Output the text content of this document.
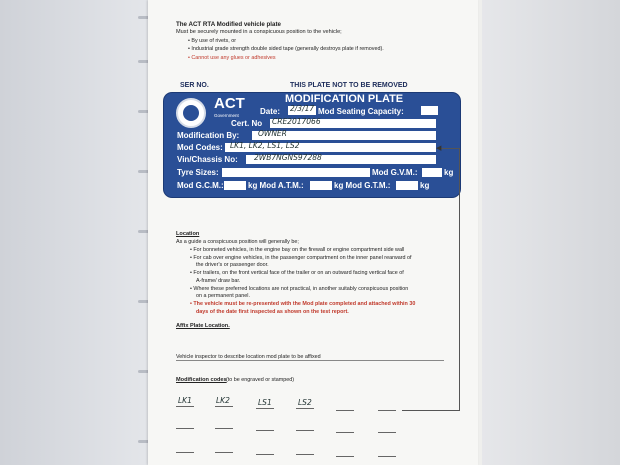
The ACT RTA Modified vehicle plate
Must be securely mounted in a conspicuous position to the vehicle;
• By use of rivets, or
• Industrial grade strength double sided tape (generally destroys plate if removed).
• Cannot use any glues or adhesives
SER NO.	THIS PLATE NOT TO BE REMOVED
ACT
Government
MODIFICATION PLATE
Date: 2/3/17 Mod Seating Capacity:
Cert. No CRE2017066
Modification By:	OWNER
Mod Codes: LK1, LK2, LS1, LS2
Vin/Chassis No: 2WB7NGNS97288
Tyre Sizes:	Mod G.V.M.:	kg
Mod G.C.M.:	kg Mod A.T.M.:	kg Mod G.T.M.:	kg
Location
As a guide a conspicuous position will generally be;
• For bonneted vehicles, in the engine bay on the firewall or engine compartment side wall
• For cab over engine vehicles, in the passenger compartment on the inner panel rearward of
the driver's or passenger door.
• For trailers, on the front vertical face of the trailer or on an outward facing vertical face of
A-frame/ draw bar.
• Where these preferred locations are not practical, in another suitably conspicuous position
on a permanent panel.
• The vehicle must be re-presented with the Mod plate completed and attached within 30
days of the date first inspected as shown on the test report.
Affix Plate Location.
Vehicle inspector to describe location mod plate to be affixed
Modification codes (to be engraved or stamped)
LK1	LK2	LS1	LS2
◀
